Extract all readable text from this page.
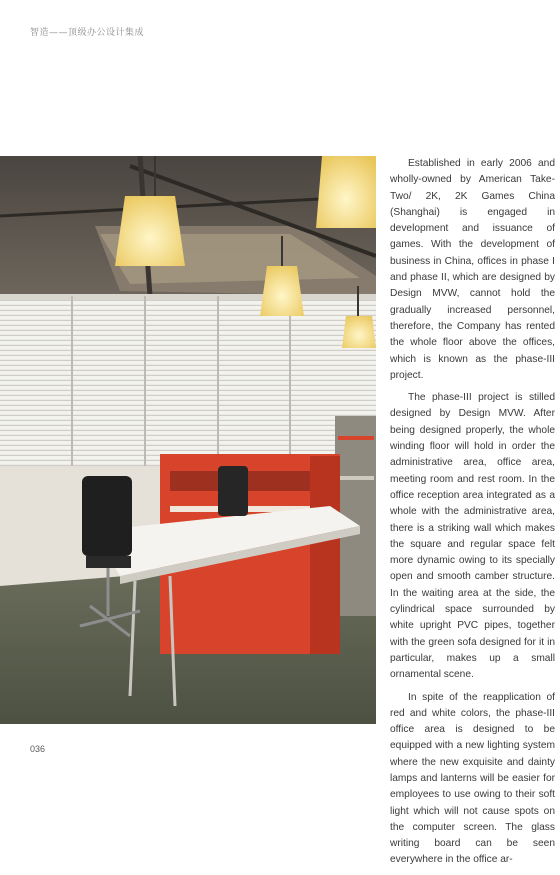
智造——顶级办公设计集成

Established in early 2006 and wholly-owned by American Take-Two/ 2K, 2K Games China (Shanghai) is engaged in development and issuance of games. With the development of business in China, offices in phase I and phase II, which are designed by Design MVW, cannot hold the gradually increased personnel, therefore, the Company has rented the whole floor above the offices, which is known as the phase-III project.

The phase-III project is stilled designed by Design MVW. After being designed properly, the whole winding floor will hold in order the administrative area, office area, meeting room and rest room. In the office reception area integrated as a whole with the administrative area, there is a striking wall which makes the square and regular space felt more dynamic owing to its specially open and smooth camber structure. In the waiting area at the side, the cylindrical space surrounded by white upright PVC pipes, together with the green sofa designed for it in particular, makes up a small ornamental scene.

In spite of the reapplication of red and white colors, the phase-III office area is designed to be equipped with a new lighting system where the new exquisite and dainty lamps and lanterns will be easier for employees to use owing to their soft light which will not cause spots on the computer screen. The glass writing board can be seen everywhere in the office ar-

036
